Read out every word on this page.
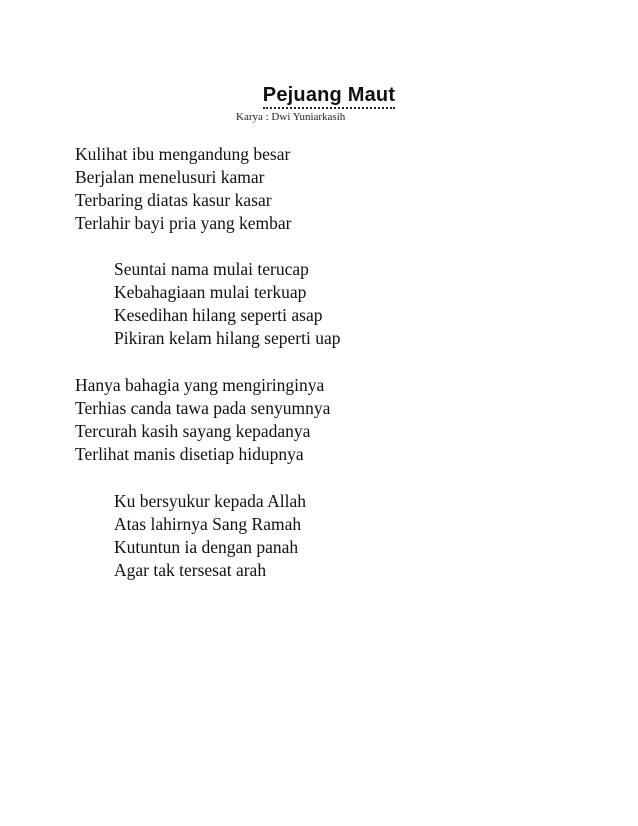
Pejuang Maut
Karya : Dwi Yuniarkasih
Kulihat ibu mengandung besar
Berjalan menelusuri kamar
Terbaring diatas kasur kasar
Terlahir bayi pria yang kembar
Seuntai nama mulai terucap
Kebahagiaan mulai terkuap
Kesedihan hilang seperti asap
Pikiran kelam hilang seperti uap
Hanya bahagia yang mengiringinya
Terhias canda tawa pada senyumnya
Tercurah kasih sayang kepadanya
Terlihat manis disetiap hidupnya
Ku bersyukur kepada Allah
Atas lahirnya Sang Ramah
Kutuntun ia dengan panah
Agar tak tersesat arah
